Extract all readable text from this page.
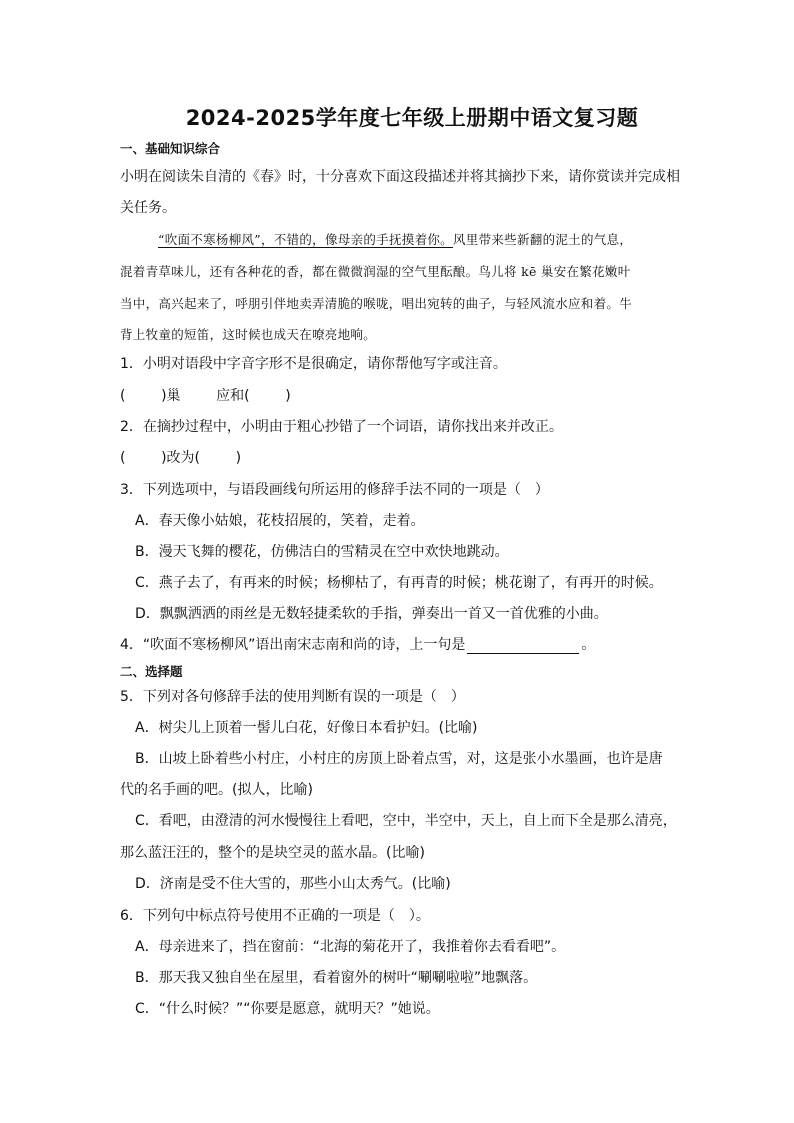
2024-2025学年度七年级上册期中语文复习题
一、基础知识综合
小明在阅读朱自清的《春》时，十分喜欢下面这段描述并将其摘抄下来，请你赏读并完成相
关任务。
“吹面不寒杨柳风”，不错的，像母亲的手抚摸着你。风里带来些新翻的泥土的气息，
混着青草味儿，还有各种花的香，都在微微润湿的空气里酝酿。鸟儿将 kē 巢安在繁花嫩叶
当中，高兴起来了，呼朋引伴地卖弄清脆的喉咙，唱出宛转的曲子，与轻风流水应和着。牛
背上牧童的短笛，这时候也成天在嘹亮地响。
1．小明对语段中字音字形不是很确定，请你帮他写字或注音。
(        )巢        应和(        )
2．在摘抄过程中，小明由于粗心抄错了一个词语，请你找出来并改正。
(        )改为(        )
3．下列选项中，与语段画线句所运用的修辞手法不同的一项是（　）
A．春天像小姑娘，花枝招展的，笑着，走着。
B．漫天飞舞的樱花，仿佛洁白的雪精灵在空中欢快地跳动。
C．燕子去了，有再来的时候；杨柳枯了，有再青的时候；桃花谢了，有再开的时候。
D．飘飘洒洒的雨丝是无数轻捷柔软的手指，弹奏出一首又一首优雅的小曲。
4．“吹面不寒杨柳风”语出南宋志南和尚的诗，上一句是	。
二、选择题
5．下列对各句修辞手法的使用判断有误的一项是（　）
A．树尖儿上顶着一髻儿白花，好像日本看护妇。(比喻)
B．山坡上卧着些小村庄，小村庄的房顶上卧着点雪，对，这是张小水墨画，也许是唐
代的名手画的吧。(拟人，比喻)
C．看吧，由澄清的河水慢慢往上看吧，空中，半空中，天上，自上而下全是那么清亮，
那么蓝汪汪的，整个的是块空灵的蓝水晶。(比喻)
D．济南是受不住大雪的，那些小山太秀气。(比喻)
6．下列句中标点符号使用不正确的一项是（　）。
A．母亲进来了，挡在窗前：“北海的菊花开了，我推着你去看看吧”。
B．那天我又独自坐在屋里，看着窗外的树叶“唰唰啦啦”地飘落。
C．“什么时候？”“你要是愿意，就明天？”她说。
